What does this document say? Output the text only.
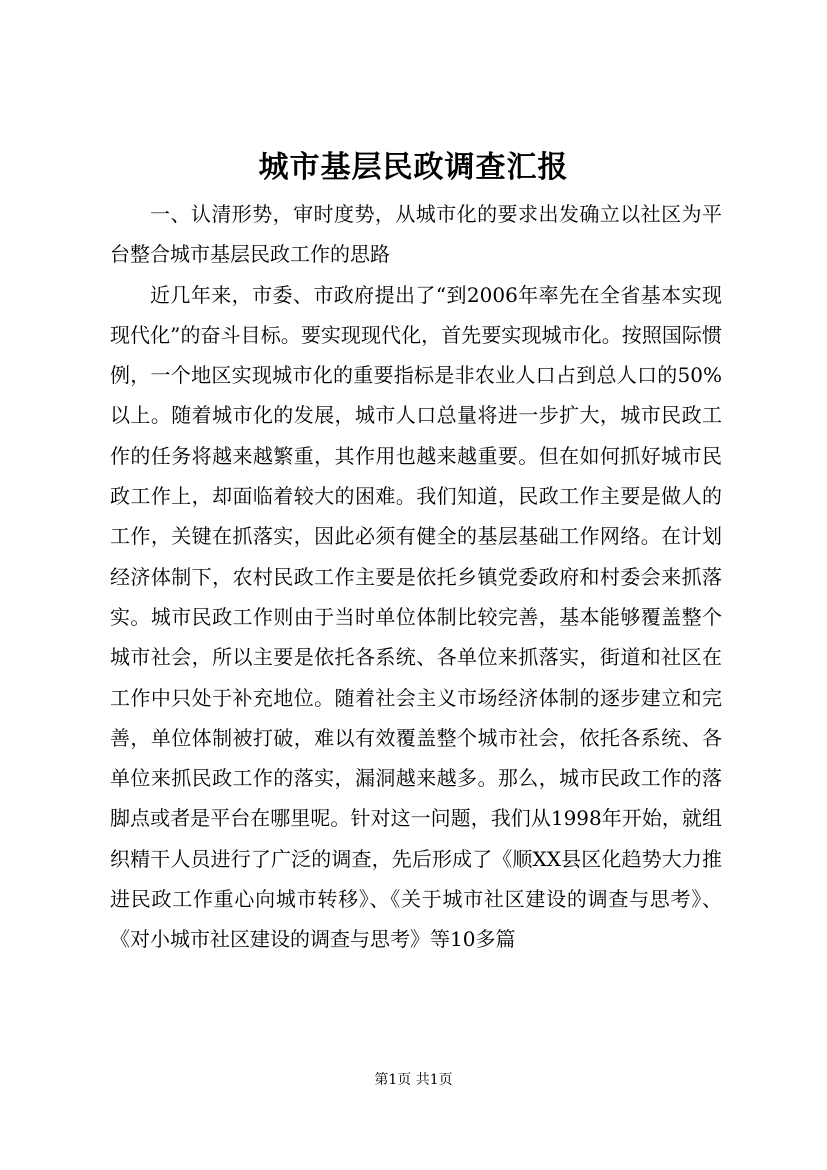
城市基层民政调查汇报

一、认清形势，审时度势，从城市化的要求出发确立以社区为平台整合城市基层民政工作的思路

近几年来，市委、市政府提出了“到2006年率先在全省基本实现现代化”的奋斗目标。要实现现代化，首先要实现城市化。按照国际惯例，一个地区实现城市化的重要指标是非农业人口占到总人口的50%以上。随着城市化的发展，城市人口总量将进一步扩大，城市民政工作的任务将越来越繁重，其作用也越来越重要。但在如何抓好城市民政工作上，却面临着较大的困难。我们知道，民政工作主要是做人的工作，关键在抓落实，因此必须有健全的基层基础工作网络。在计划经济体制下，农村民政工作主要是依托乡镇党委政府和村委会来抓落实。城市民政工作则由于当时单位体制比较完善，基本能够覆盖整个城市社会，所以主要是依托各系统、各单位来抓落实，街道和社区在工作中只处于补充地位。随着社会主义市场经济体制的逐步建立和完善，单位体制被打破，难以有效覆盖整个城市社会，依托各系统、各单位来抓民政工作的落实，漏洞越来越多。那么，城市民政工作的落脚点或者是平台在哪里呢。针对这一问题，我们从1998年开始，就组织精干人员进行了广泛的调查，先后形成了《顺XX县区化趋势大力推进民政工作重心向城市转移》、《关于城市社区建设的调查与思考》、《对小城市社区建设的调查与思考》等10多篇

第1页 共1页
